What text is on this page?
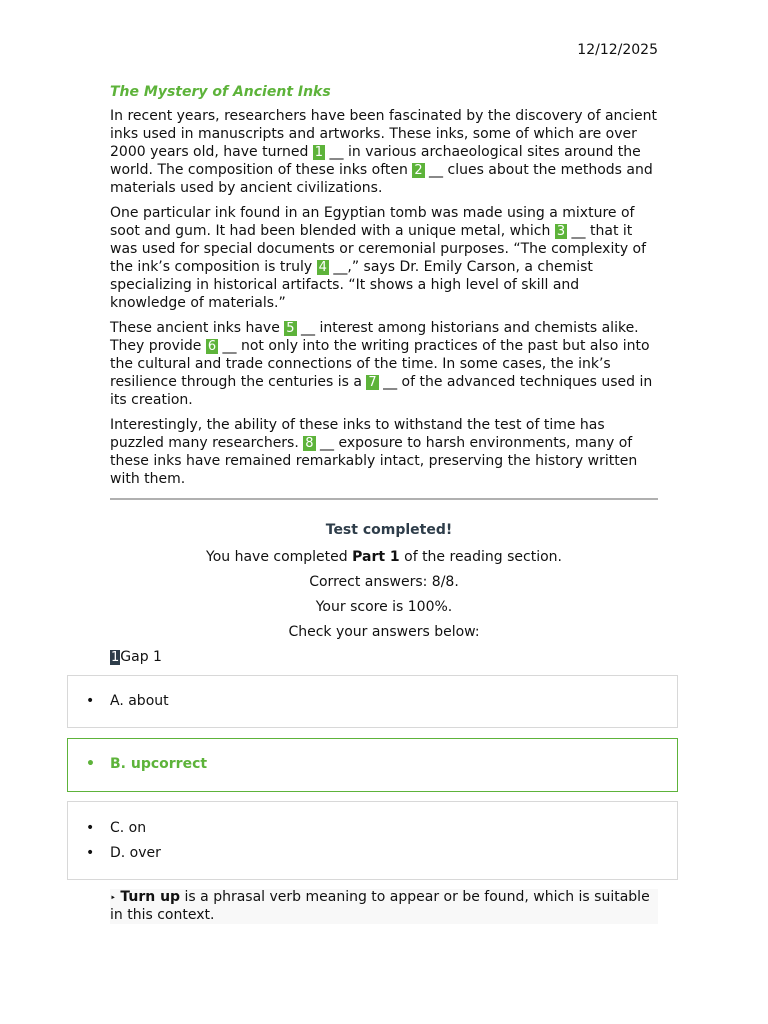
12/12/2025
The Mystery of Ancient Inks

In recent years, researchers have been fascinated by the discovery of ancient inks used in manuscripts and artworks. These inks, some of which are over 2000 years old, have turned 1 __ in various archaeological sites around the world. The composition of these inks often 2 __ clues about the methods and materials used by ancient civilizations.

One particular ink found in an Egyptian tomb was made using a mixture of soot and gum. It had been blended with a unique metal, which 3 __ that it was used for special documents or ceremonial purposes. “The complexity of the ink’s composition is truly 4 __,” says Dr. Emily Carson, a chemist specializing in historical artifacts. “It shows a high level of skill and knowledge of materials.”

These ancient inks have 5 __ interest among historians and chemists alike. They provide 6 __ not only into the writing practices of the past but also into the cultural and trade connections of the time. In some cases, the ink’s resilience through the centuries is a 7 __ of the advanced techniques used in its creation.

Interestingly, the ability of these inks to withstand the test of time has puzzled many researchers. 8 __ exposure to harsh environments, many of these inks have remained remarkably intact, preserving the history written with them.

Test completed!

You have completed Part 1 of the reading section.

Correct answers: 8/8.

Your score is 100%.

Check your answers below:

1Gap 1
• A. about
• B. upcorrect
• C. on
• D. over
‣ Turn up is a phrasal verb meaning to appear or be found, which is suitable in this context.
